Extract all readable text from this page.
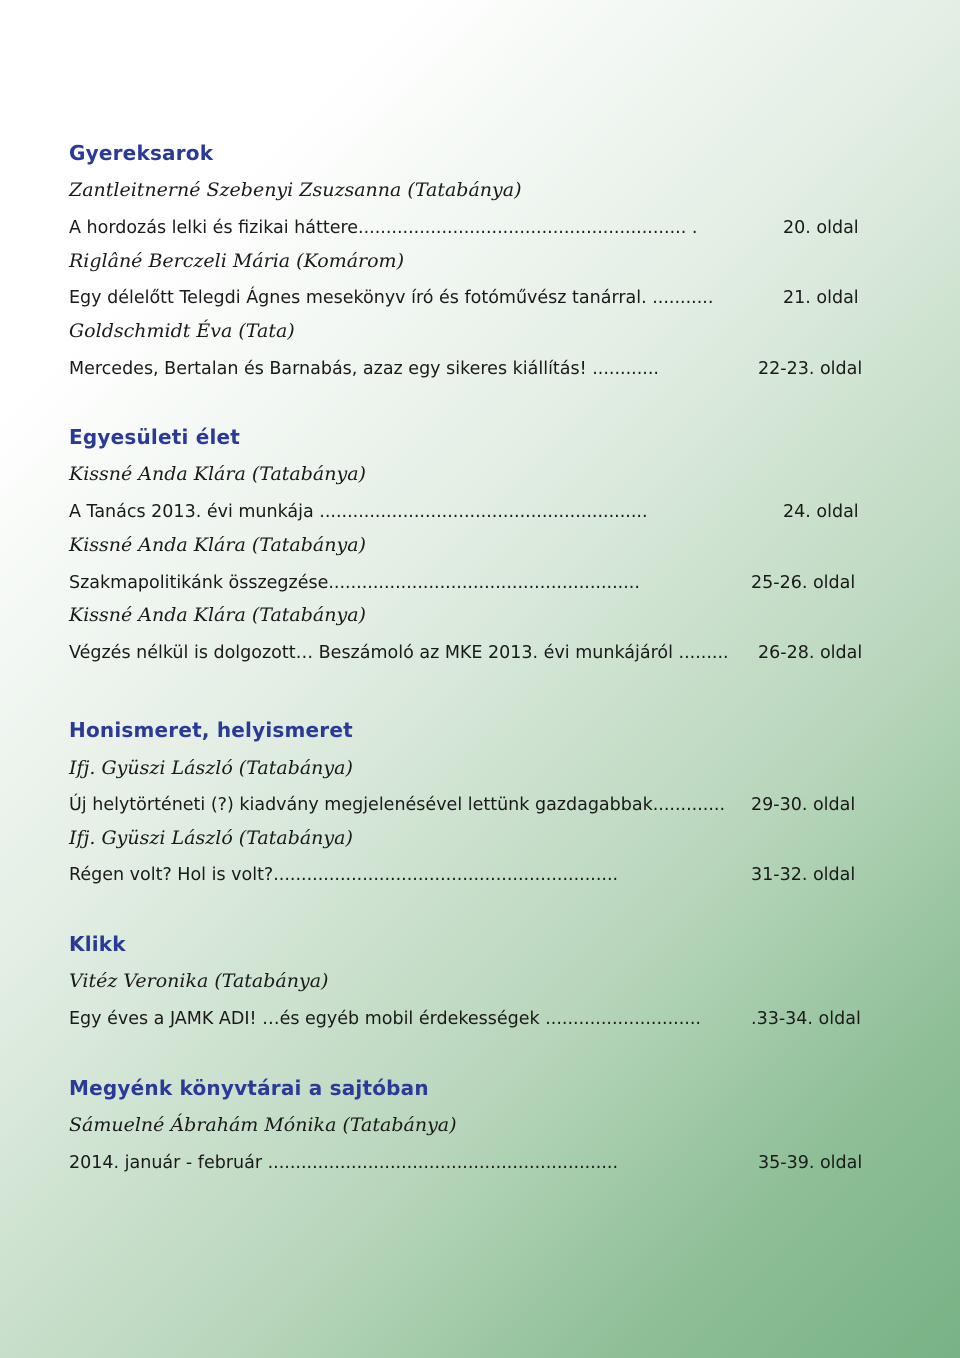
Gyereksarok
Zantleitnerné Szebenyi Zsuzsanna (Tatabánya)
A hordozás lelki és fizikai háttere........................................................... .	20. oldal
Riglâné Berczeli Mária (Komárom)
Egy délelőtt Telegdi Ágnes mesekönyv író és fotóművész tanárral. ...........	21. oldal
Goldschmidt Éva (Tata)
Mercedes, Bertalan és Barnabás, azaz egy sikeres kiállítás! ............	22-23. oldal
Egyesületi élet
Kissné Anda Klára (Tatabánya)
A Tanács 2013. évi munkája ...........................................................	24. oldal
Kissné Anda Klára (Tatabánya)
Szakmapolitikánk összegzése........................................................	25-26. oldal
Kissné Anda Klára (Tatabánya)
Végzés nélkül is dolgozott… Beszámoló az MKE 2013. évi munkájáról ......... 26-28. oldal
Honismeret, helyismeret
Ifj. Gyüszi László (Tatabánya)
Új helytörténeti (?) kiadvány megjelenésével lettünk gazdagabbak............. 29-30. oldal
Ifj. Gyüszi László (Tatabánya)
Régen volt? Hol is volt?..............................................................	31-32. oldal
Klikk
Vitéz Veronika (Tatabánya)
Egy éves a JAMK ADI! …és egyéb mobil érdekességek ............................	.33-34. oldal
Megyénk könyvtárai a sajtóban
Sámuelné Ábrahám Mónika (Tatabánya)
2014. január - február ...............................................................	35-39. oldal
